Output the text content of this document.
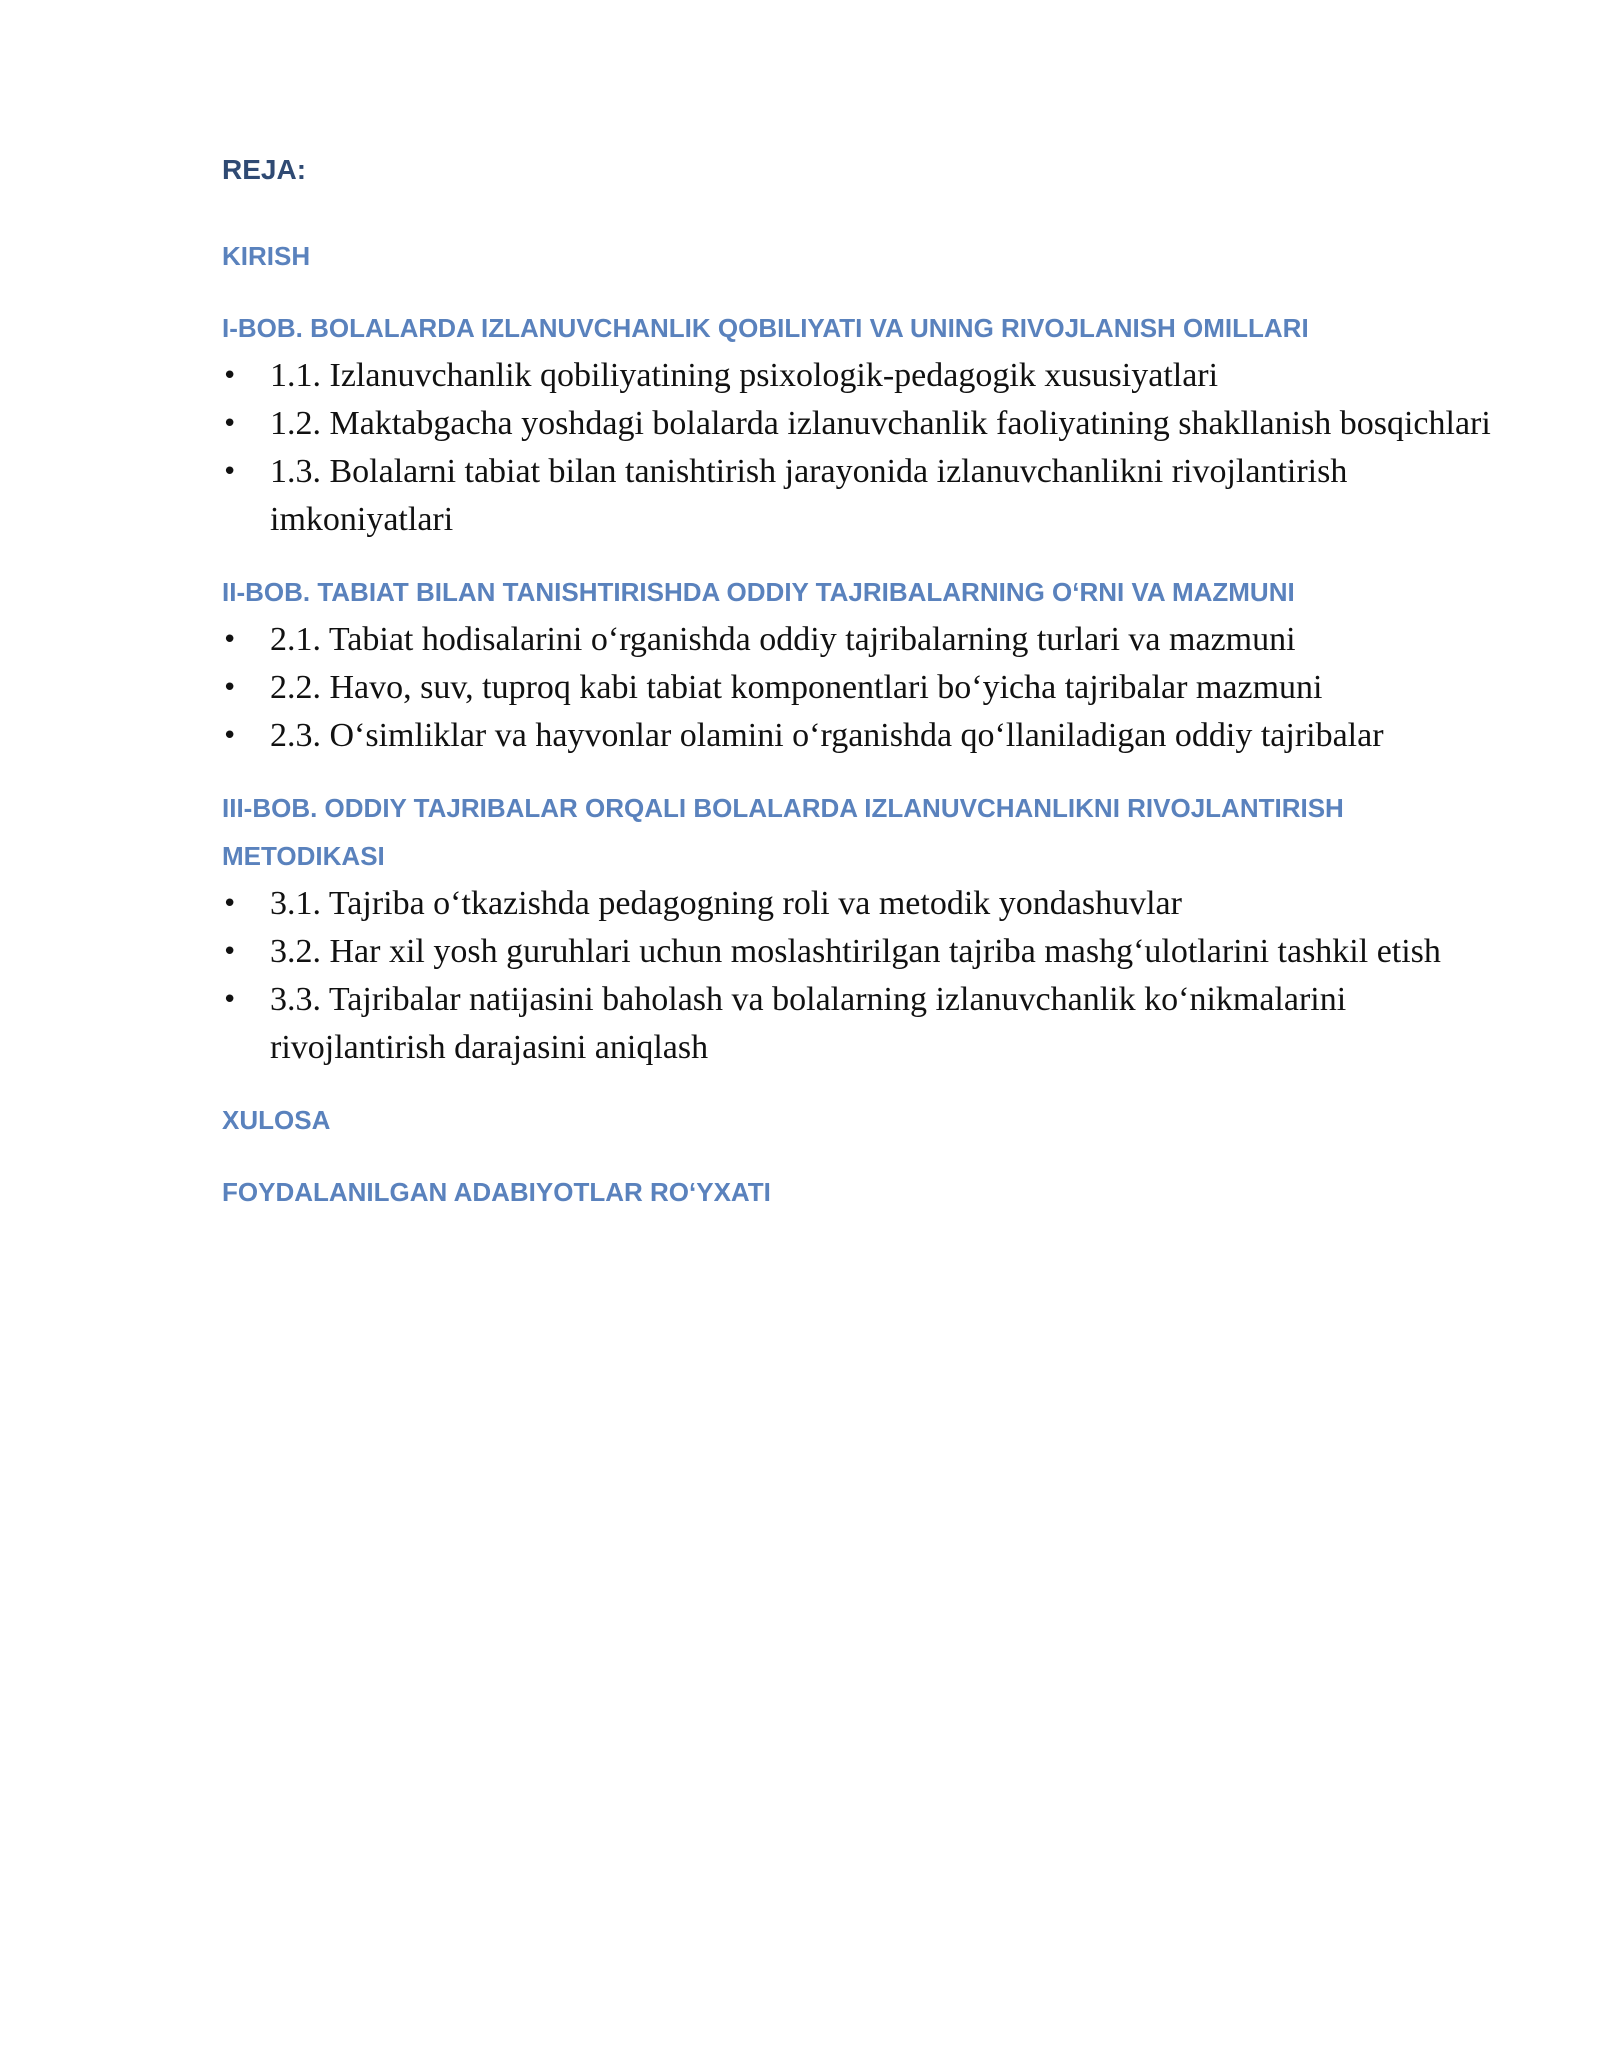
REJA:
KIRISH
I-BOB. BOLALARDA IZLANUVCHANLIK QOBILIYATI VA UNING RIVOJLANISH OMILLARI
• 1.1. Izlanuvchanlik qobiliyatining psixologik-pedagogik xususiyatlari
• 1.2. Maktabgacha yoshdagi bolalarda izlanuvchanlik faoliyatining shakllanish bosqichlari
• 1.3. Bolalarni tabiat bilan tanishtirish jarayonida izlanuvchanlikni rivojlantirish imkoniyatlari
II-BOB. TABIAT BILAN TANISHTIRISHDA ODDIY TAJRIBALARNING O‘RNI VA MAZMUNI
• 2.1. Tabiat hodisalarini o‘rganishda oddiy tajribalarning turlari va mazmuni
• 2.2. Havo, suv, tuproq kabi tabiat komponentlari bo‘yicha tajribalar mazmuni
• 2.3. O‘simliklar va hayvonlar olamini o‘rganishda qo‘llaniladigan oddiy tajribalar
III-BOB. ODDIY TAJRIBALAR ORQALI BOLALARDA IZLANUVCHANLIKNI RIVOJLANTIRISH METODIKASI
• 3.1. Tajriba o‘tkazishda pedagogning roli va metodik yondashuvlar
• 3.2. Har xil yosh guruhlari uchun moslashtirilgan tajriba mashg‘ulotlarini tashkil etish
• 3.3. Tajribalar natijasini baholash va bolalarning izlanuvchanlik ko‘nikmalarini rivojlantirish darajasini aniqlash
XULOSA
FOYDALANILGAN ADABIYOTLAR RO‘YXATI
